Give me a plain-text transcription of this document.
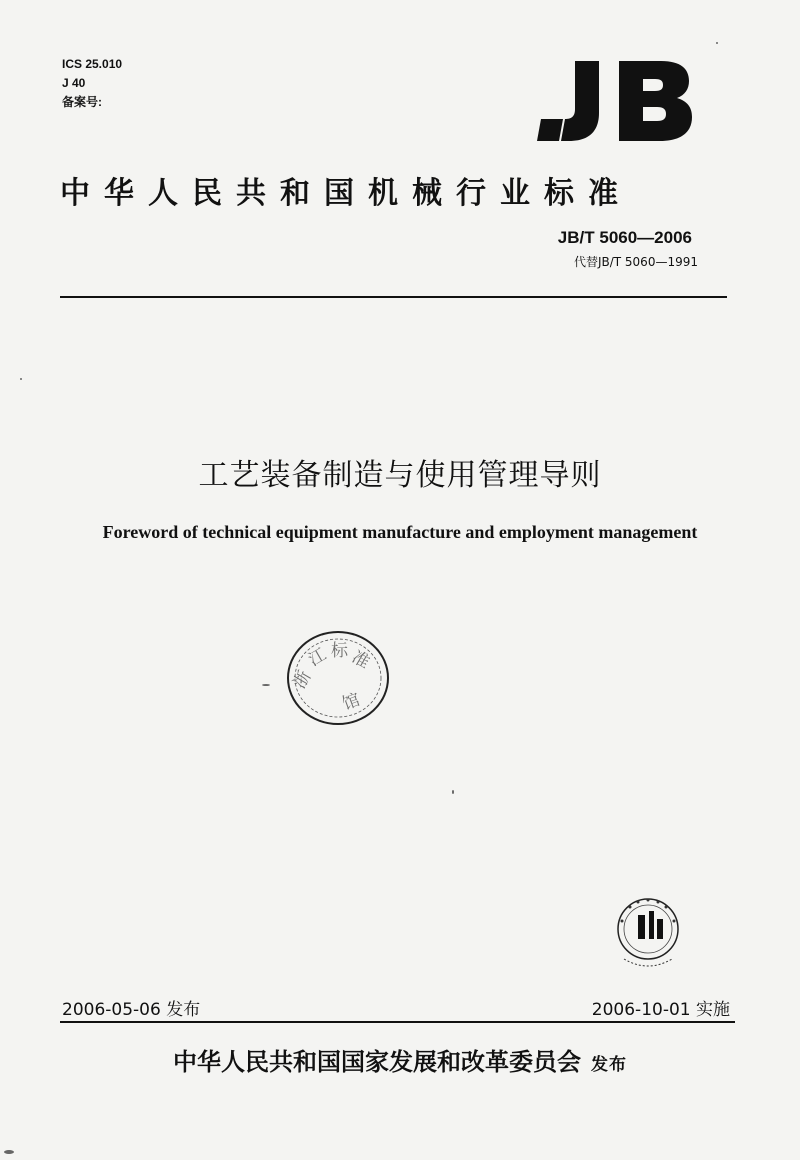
ICS 25.010
J 40
备案号:
中华人民共和国机械行业标准
JB/T 5060—2006
代替JB/T 5060—1991
工艺装备制造与使用管理导则
Foreword of technical equipment manufacture and employment management
浙
江 标 准
馆
2006-05-06 发布	2006-10-01 实施
中华人民共和国国家发展和改革委员会 发布
